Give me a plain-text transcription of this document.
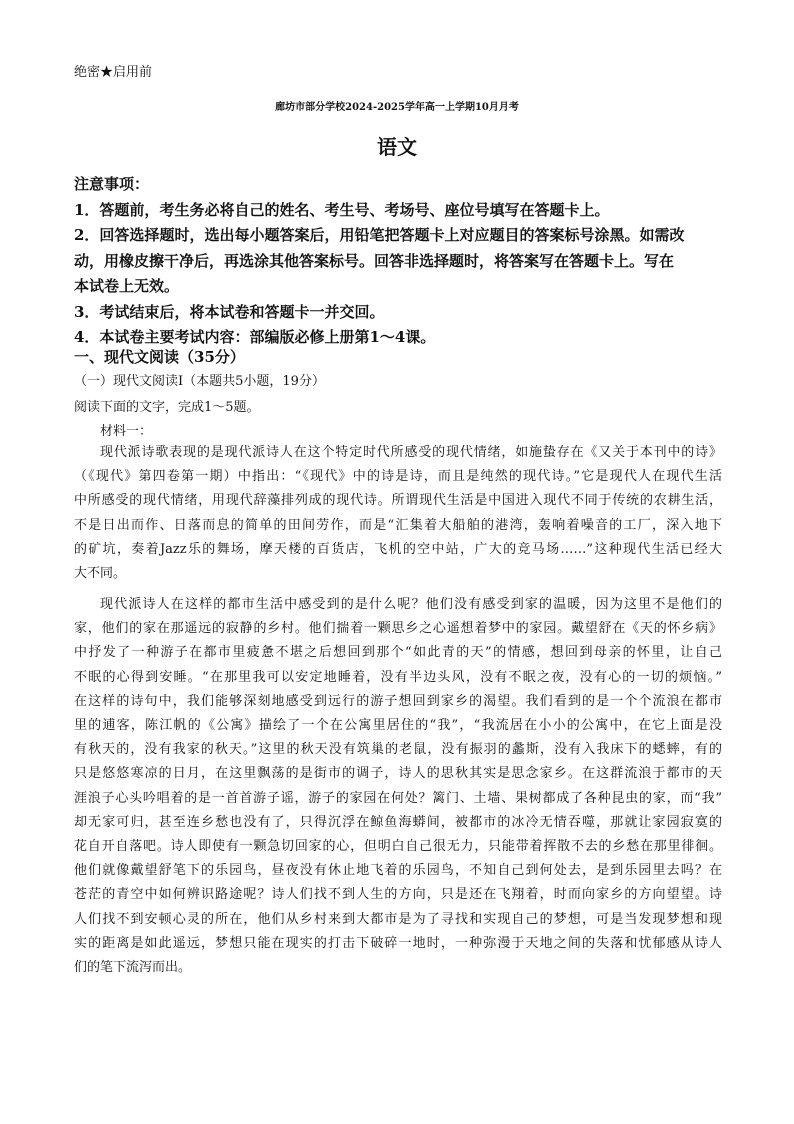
绝密★启用前
廊坊市部分学校2024-2025学年高一上学期10月月考
语文
注意事项：
1．答题前，考生务必将自己的姓名、考生号、考场号、座位号填写在答题卡上。
2．回答选择题时，选出每小题答案后，用铅笔把答题卡上对应题目的答案标号涂黑。如需改
动，用橡皮擦干净后，再选涂其他答案标号。回答非选择题时，将答案写在答题卡上。写在
本试卷上无效。
3．考试结束后，将本试卷和答题卡一并交回。
4．本试卷主要考试内容：部编版必修上册第1～4课。
一、现代文阅读（35分）
（一）现代文阅读Ⅰ（本题共5小题，19分）
阅读下面的文字，完成1～5题。
材料一：
现代派诗歌表现的是现代派诗人在这个特定时代所感受的现代情绪，如施蛰存在《又关于本刊中的诗》
（《现代》第四卷第一期）中指出：“《现代》中的诗是诗，而且是纯然的现代诗。”它是现代人在现代生活
中所感受的现代情绪，用现代辞藻排列成的现代诗。所谓现代生活是中国进入现代不同于传统的农耕生活，
不是日出而作、日落而息的简单的田间劳作，而是“汇集着大船舶的港湾，轰响着噪音的工厂，深入地下
的矿坑，奏着Jazz乐的舞场，摩天楼的百货店，飞机的空中站，广大的竞马场……”这种现代生活已经大
大不同。
现代派诗人在这样的都市生活中感受到的是什么呢？他们没有感受到家的温暖，因为这里不是他们的
家，他们的家在那遥远的寂静的乡村。他们揣着一颗思乡之心遥想着梦中的家园。戴望舒在《天的怀乡病》
中抒发了一种游子在都市里疲惫不堪之后想回到那个“如此青的天”的情感，想回到母亲的怀里，让自己
不眠的心得到安睡。“在那里我可以安定地睡着，没有半边头风，没有不眠之夜，没有心的一切的烦恼。”
在这样的诗句中，我们能够深刻地感受到远行的游子想回到家乡的渴望。我们看到的是一个个流浪在都市
里的逋客，陈江帆的《公寓》描绘了一个在公寓里居住的“我”，“我流居在小小的公寓中，在它上面是没
有秋天的，没有我家的秋天。”这里的秋天没有筑巢的老鼠，没有振羽的蠡斯，没有入我床下的蟋蟀，有的
只是悠悠寒凉的日月，在这里飘荡的是街市的调子，诗人的思秋其实是思念家乡。在这群流浪于都市的天
涯浪子心头吟唱着的是一首首游子谣，游子的家园在何处？篱门、土墙、果树都成了各种昆虫的家，而“我”
却无家可归，甚至连乡愁也没有了，只得沉浮在鲸鱼海蟒间，被都市的冰冷无情吞噬，那就让家园寂寞的
花自开自落吧。诗人即使有一颗急切回家的心，但明白自己很无力，只能带着挥散不去的乡愁在那里徘徊。
他们就像戴望舒笔下的乐园鸟，昼夜没有休止地飞着的乐园鸟，不知自己到何处去，是到乐园里去吗？在
苍茫的青空中如何辨识路途呢？诗人们找不到人生的方向，只是还在飞翔着，时而向家乡的方向望望。诗
人们找不到安顿心灵的所在，他们从乡村来到大都市是为了寻找和实现自己的梦想，可是当发现梦想和现
实的距离是如此遥远，梦想只能在现实的打击下破碎一地时，一种弥漫于天地之间的失落和忧郁感从诗人
们的笔下流泻而出。
